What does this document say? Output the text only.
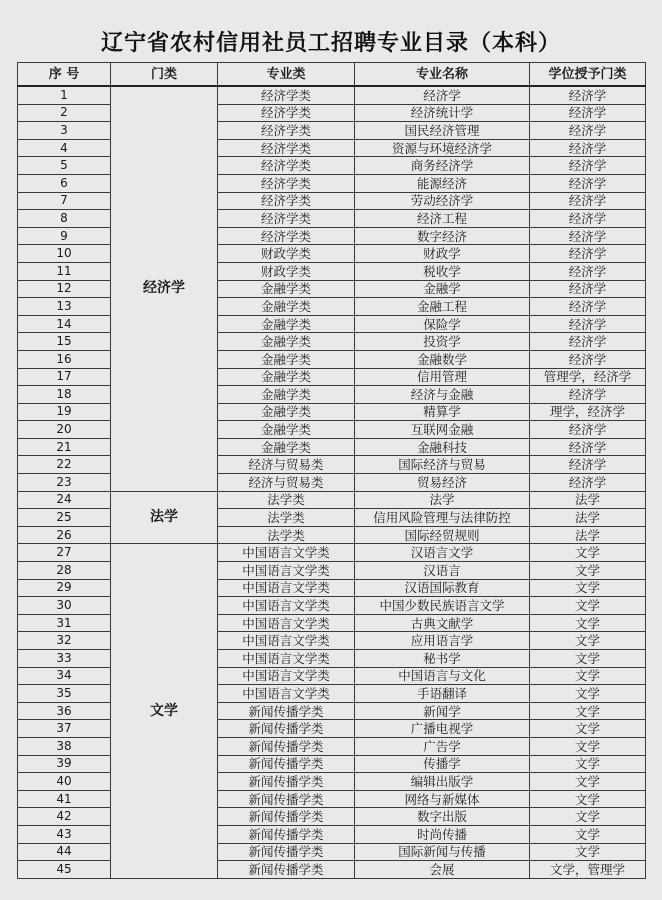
辽宁省农村信用社员工招聘专业目录（本科）
序 号	门类	专业类	专业名称	学位授予门类
1	经济学	经济学类	经济学	经济学
2		经济学类	经济统计学	经济学
3		经济学类	国民经济管理	经济学
4		经济学类	资源与环境经济学	经济学
5		经济学类	商务经济学	经济学
6		经济学类	能源经济	经济学
7		经济学类	劳动经济学	经济学
8		经济学类	经济工程	经济学
9		经济学类	数字经济	经济学
10		财政学类	财政学	经济学
11		财政学类	税收学	经济学
12		金融学类	金融学	经济学
13		金融学类	金融工程	经济学
14		金融学类	保险学	经济学
15		金融学类	投资学	经济学
16		金融学类	金融数学	经济学
17		金融学类	信用管理	管理学，经济学
18		金融学类	经济与金融	经济学
19		金融学类	精算学	理学，经济学
20		金融学类	互联网金融	经济学
21		金融学类	金融科技	经济学
22		经济与贸易类	国际经济与贸易	经济学
23		经济与贸易类	贸易经济	经济学
24	法学	法学类	法学	法学
25		法学类	信用风险管理与法律防控	法学
26		法学类	国际经贸规则	法学
27	文学	中国语言文学类	汉语言文学	文学
28		中国语言文学类	汉语言	文学
29		中国语言文学类	汉语国际教育	文学
30		中国语言文学类	中国少数民族语言文学	文学
31		中国语言文学类	古典文献学	文学
32		中国语言文学类	应用语言学	文学
33		中国语言文学类	秘书学	文学
34		中国语言文学类	中国语言与文化	文学
35		中国语言文学类	手语翻译	文学
36		新闻传播学类	新闻学	文学
37		新闻传播学类	广播电视学	文学
38		新闻传播学类	广告学	文学
39		新闻传播学类	传播学	文学
40		新闻传播学类	编辑出版学	文学
41		新闻传播学类	网络与新媒体	文学
42		新闻传播学类	数字出版	文学
43		新闻传播学类	时尚传播	文学
44		新闻传播学类	国际新闻与传播	文学
45		新闻传播学类	会展	文学，管理学
